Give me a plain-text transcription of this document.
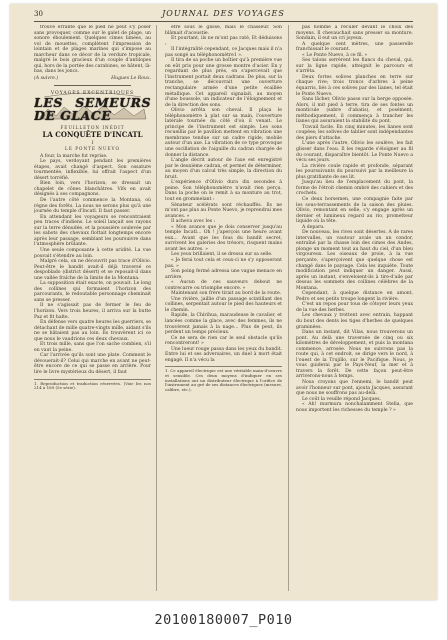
30	JOURNAL DES VOYAGES

trouvé errante que le pied ne peut s'y poser sans provoquer, comme sur le galet de plage, un sonore éboulement. Quelques cimes limées, au vol de mouettes, complètent l'impression de lointain et de plages marines qui s'impose au marcheur dans ce décor de la verdure tropicale, malgré le bois gracieux d'un couple d'antilopes qui, hors de la portée des carabines, se hâtent, là-bas, dans les joncs.

(A suivre.)	Hugues Le Roux.
VOYAGES EXCENTRIQUES
LES SEMEURS DE GLACE
FEUILLETON INÉDIT
LA CONQUÊTE D'INCATL
I
LE PONTE NUEVO

A four, la marche fut reprise.

Le pays, verdoyant pendant les premières étapes, avait changé d'aspect. Son ossature tourmentée, inflexible, lui offrait l'aspect d'un désert torréfié.

Bien loin, vers l'horizon, se dressait un chapelet de cônes blanchâtres. Vifs en avait désignés à ses compagnons.

De l'autre côté commence la Montana, où règne des forêts. La nous ne serons plus qu'à une journée du temple d'Incatl. Il faut passer.

En attendant les voyageurs se rencontraient peu traces d'indiens. Le soleil lançait ses rayons sur la terre dénudée, et la poussière soulevée par les sabots des chevaux flottait longtemps encore après leur passage, semblant les poursuivre dans l'atmosphère brûlante.

Une seule composante à cette aridité. La vue pouvait s'étendre au loin.

Malgré cela, on ne découvrit pas trace d'Olivio. Peut-être le bandit avait-il déjà traversé ce despoblado (district désert) et se reposait-il dans une vallée fraîche de la limite de la Montana.

La supposition était exacte, on pouvait. Le long des collines qui formaient l'horizon des parcourants, le redoutable personnage cheminait sans se presser.

Il ne s'agissait pas de fermer le feu de l'horizon. Vers trois heures, il arriva sur la butte Paz et fit halte.

En défense vers quatre heures les guerriers, se détachant de mille quatre-vingts mille, aidant s'ils ne se hâtaient pas au loin. Ils trouvèrent ici ce que nous le vaudrions ces deux chevaux.

Et trois mille, sans que l'on sache combien, s'il en vaut la peine.

Car l'arrivée qu'ils sont une plate. Comment le dévouerait-il? Celui qui marche en avant ne peut-être encore de ce qui se passe en arrière. Pour lire le livre mystérieux du désert, il faut

1. Reproduction et traduction réservées. (Voir les nos 214 à 189 (5e série).

être sous le glisse, mais le chasseur. Son blâmait d'acoustie.

Et pourtant, ils ne m'ont pas raté, Et déduisons :

Il l'intégralité cependant, ce Jacques mais il n'a pas songé au téléphonomètre1 ».

Il tira de sa poche un boîtier qu'à première vue on eût pris pour une grosse montre d'acier. En y regardant de plus près, on s'apercevait que l'instrument portait deux cadrans. De plus, sur la tranche, se découvrait une ouverture rectangulaire armée d'une petite écaillée métallique. Cet appareil signalait, au moyen d'une boussole, un indicateur de l'éloignement et de la direction des sons.

Olivio arrêta son cheval. Il plaça le téléphonomètre à plat sur sa main, l'ouverture latérale tournée du côté d'où il venait. Le principe de l'instrument est simple. Les sons recueillis par le pavillon mettent en vibration une membrane tendue sur un cadre rigide, mobile autour d'un axe. La vibration de ce type provoque une oscillation de l'aiguille du cadran chargée de donner la distance.

L'angle décrit autour de l'axe est enregistré par le deuxième cadran, et permet de déterminer, au moyen d'un calcul très simple, la direction du bruit.

L'expérience d'Olivio dura dix secondes à peine. Son téléphonomètre n'avait rien perçu. Dans la poche on le remit à sa monture au trot, tout en grommelant :

Sénateur scélérats sont réchauffés. Ils ne m'ont pas plus au Ponte Nuevo, je reprendrai mes avances. »

Il acheva avec les :

« Mon avance que je dois conserver jusqu'au temple Incatl... Oh ! j'aperçois une heure avant eux... Avant que les fous du bandit secret, survivent les galeries des trésors, risquent mains avant les autres. »

Les yeux brillaient, il se dressa sur sa selle.

« Je ferai tout cela et ceux-ci ne s'y opposeront pas. »

Son poing fermé adressa une vague menace en arrière.

« Aucun de ces sauveurs debout ne contrecarre ou triomphe encore. »

Maintenant son frère tirait au bord de la route.

Une rivière, jaillie d'un passage scintillant des collines, serpentait autour le pied des hauteurs et le chemin.

Rapide, la Chirihua, maraudeuse le cavalier, et lancées comme la glace, avec des femmes, ils ne trouvèrent jamais à la nage... Plus de peut, ils perdent un temps précieux.

Ce ne sera de rien car le seul obstacle qu'ils rencontreront! »

Une lueur rouge passa dans les yeux du bandit. Entre lui et ses adversaires, un duel à mort était engagé. Il n'a vécu la

1. Ce appareil électrique est une véritable main-d'oeuvre et sensible. Ces deux moyens d'indiquer en ses installations ont un distributeur électrique à l'orifice de l'instrument au gré de ses distances électriques (mesure, calibre, etc.).

pas homme à reculer devant le choix des moyens. Il chevauchait sans presser sa monture. Sondain, il eut un cri joyeux.

A quelque cent mètres, une passerelle franchissait le courant.

« Le Ponte Nuevo, à ce fil. »

Ses talons serrèrent les flancs du cheval, qui, sur la ligne rapide, atteignit le parcours et s'arrêta.

Deux fortes solives planches en terre sur chaque rive; trois troncs d'arbres à peine équarris, liés à ces solives par des lianes, tel était le Ponte Nuevo.

Sans lâcher, Olivio passe sur la berge opposée. Alors, il mit pied à terre, tira de ses fontes un monticule (sabre d'abatis), et posément, méthodiquement, il commença à trancher les lianes qui assuraient la stabilité du pont.

Travail facile. En cinq minutes, les lianes sont coupées; les solives de tablier sont indépendantes des piers d'attache.

L'une après l'autre, Olivio les soulève, les fait glisser dans l'eau. Il les regarde s'éloigner au fil du courant, disparaître bientôt. Le Ponte Nuevo a vécu ses jours.

La rivière coule rapide et profonde, séparant les poursuivants du poursuivi par la meilleure la plus gratifiante de ses lit.

Jusqu'au lieu de l'emplacement du pont, la forme de l'étroit chemin ombré des cahiers et des crochets.

Ce deux horsemen, une compagnie faite par les sous-terrassements de la saison des pluies. Olivio, remontant en selle, s'y engage après un dernier et lumineux regard au rio, prometteur liquide où la tête.

A deparu.

De nouveau, les rives sont désertes. A de rares intervalles, un vautour avale un un condor, entraîné par la chasse loin des cimes des Andes, plonge un moment tout au haut du ciel, d'un bleu virgoureux. Les oiseaux de proie, à la vue perçante, s'aperçoivent que quelque chose est changé dans le paysage. Cela les inquiète. Toute modification peut indiquer un danger. Aussi, après un instant, s'enveloient-ils à tire-d'aile par dessus les sommets des collines célèbres de la Montana.

Cependant, à quelque distance en amont, Pedro et ses petits troupe longent la rivière.

C'est un repos pour tous de côtoyer leurs yeux de la vue des herbes.

Les chevaux y trottent avec entrain, happant du bout des dents les tiges d'herbes de quelques graminées.

Dans un instant, dit Vilas, nous trouverons un pont. Au delà une traversée de cinq ou six kilomètres de développement, et puis la montana commence, arrosée. Nous ne suivrons pas la route qui, à cet endroit, se dirige vers le nord, à l'ouest de la Trujillo, sur le Pacifique. Nous, je vous guiderai par le Pays-Neuf, la mer et à travers la forêt. De cette façon peut-être arriverons-nous à temps.

Nous croyons que l'ennemi, le bandit peut avoir l'honneur sur pont, ajouta Jacques, assurant que nous ne souffrons pas au-delà.

Le coût la veuille répond Jacques.

« Ah! murmura nonchalamment Stella, que nous importent les richesses du temple ? »

20100180007_P010
